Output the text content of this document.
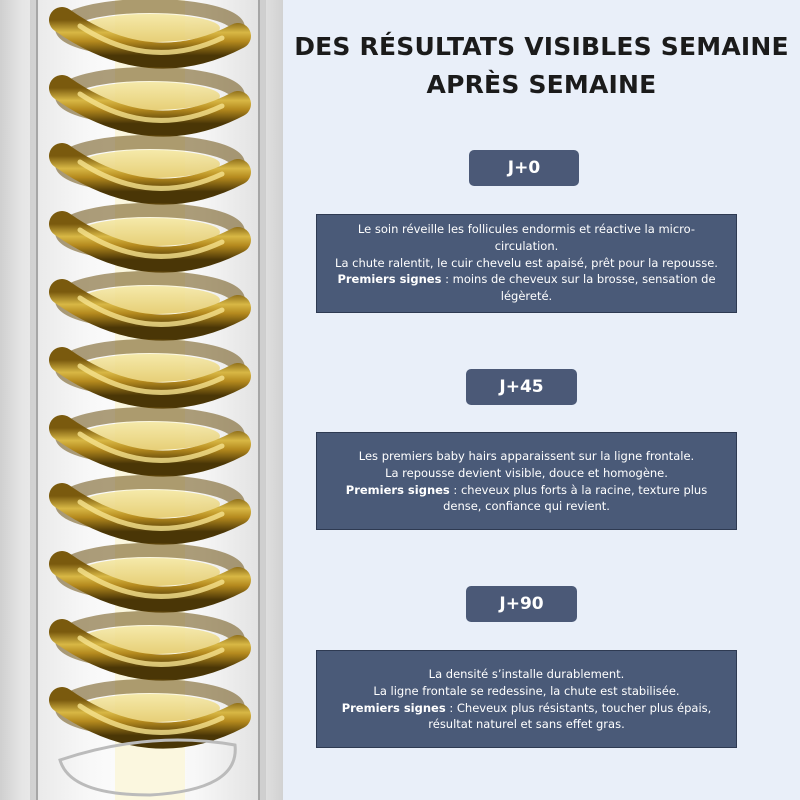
DES RÉSULTATS VISIBLES SEMAINE
APRÈS SEMAINE
J+0

Le soin réveille les follicules endormis et réactive la micro-circulation.

La chute ralentit, le cuir chevelu est apaisé, prêt pour la repousse.

Premiers signes : moins de cheveux sur la brosse, sensation de légèreté.

J+45

Les premiers baby hairs apparaissent sur la ligne frontale.

La repousse devient visible, douce et homogène.

Premiers signes : cheveux plus forts à la racine, texture plus dense, confiance qui revient.

J+90

La densité s’installe durablement.

La ligne frontale se redessine, la chute est stabilisée.

Premiers signes : Cheveux plus résistants, toucher plus épais, résultat naturel et sans effet gras.
